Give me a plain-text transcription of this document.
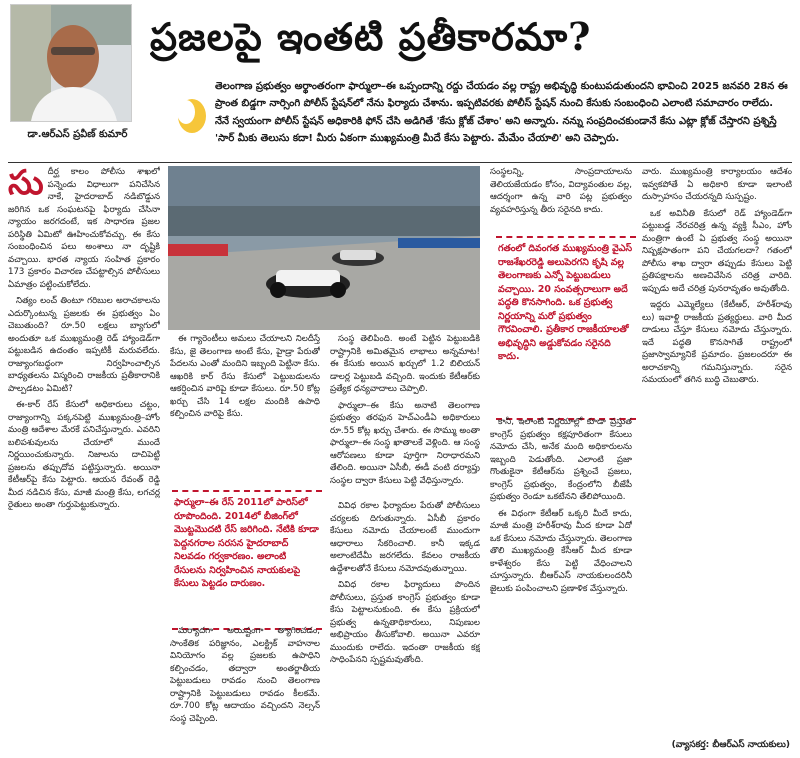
డా.ఆర్ఎస్ ప్రవీణ్ కుమార్
ప్రజలపై ఇంతటి ప్రతీకారమా?
తెలంగాణ ప్రభుత్వం అర్థాంతరంగా ఫార్ములా–ఈ ఒప్పందాన్ని రద్దు చేయడం వల్ల రాష్ట్ర అభివృద్ధి కుంటుపడుతుందని భావించి 2025 జనవరి 28న ఈ ప్రాంత బిడ్డగా నార్సింగి పోలీస్ స్టేషన్‌లో నేను ఫిర్యాదు చేశాను. ఇప్పటివరకు పోలీస్ స్టేషన్ నుంచి కేసుకు సంబంధించి ఎలాంటి సమాచారం రాలేదు. నేనే స్వయంగా పోలీస్ స్టేషన్ అధికారికి ఫోన్ చేసి అడిగితే 'కేసు క్లోజ్ చేశాం' అని అన్నారు. నన్ను సంప్రదించకుండానే కేసు ఎట్లా క్లోజ్ చేస్తారని ప్రశ్నిస్తే 'సార్ మీకు తెలుసు కదా! మీరు ఏకంగా ముఖ్యమంత్రి మీదే కేసు పెట్టారు. మేమేం చేయాలి' అని చెప్పారు.
సు దీర్ఘ కాలం పోలీసు శాఖలో పన్నెండు విధాలుగా పనిచేసిన నాకే, హైదరాబాద్ నడిబొడ్డున జరిగిన ఒక సంఘటనపై ఫిర్యాదు చేసినా న్యాయం జరగదంటే, ఇక సాధారణ ప్రజల పరిస్థితి ఏమిటో ఊహించుకోవచ్చు. ఈ కేసు సంబంధించిన పలు అంశాలు నా దృష్టికి వచ్చాయి. భారత న్యాయ సంహిత ప్రకారం 173 ప్రకారం విచారణ చేపట్టాల్సిన పోలీసులు ఏమాత్రం పట్టించుకోలేదు.

నిత్యం లంచ్ తింటూ గరిబుల అరాచకాలను ఎదుర్కొంటున్న ప్రజలకు ఈ ప్రభుత్వం ఏం చెబుతుంది? రూ.50 లక్షలు బ్యాగులో అందుతూ ఒక ముఖ్యమంత్రి రెడ్ హ్యాండెడ్‌గా పట్టుబడిన ఉదంతం ఇప్పటికీ మరువలేదు. రాజ్యాంగబద్ధంగా నిర్వహించాల్సిన బాధ్యతలను విస్మరించి రాజకీయ ప్రతీకారానికి పాల్పడటం ఏమిటి?

ఈ-కార్ రేస్ కేసులో అధికారులు చట్టం, రాజ్యాంగాన్ని పక్కనపెట్టి ముఖ్యమంత్రి–హోం మంత్రి ఆదేశాల మేరకే పనిచేస్తున్నారు. ఎవరిని బలిపశువులను చేయాలో ముందే నిర్ణయించుకున్నారు. నిజాలను దాచిపెట్టి ప్రజలను తప్పుదోవ పట్టిస్తున్నారు. అయినా కేటీఆర్‌పై కేసు పెట్టారు. ఆయన రేవంత్ రెడ్డి మీద నడిచిన కేసు, మాజీ మంత్రి కేసు, లగచర్ల రైతులు అంతా గుర్తుపెట్టుకున్నారు.

ఈ గ్యారెంటీలు అమలు చేయాలని నిలదీస్తే కేసు, జై తెలంగాణ అంటే కేసు, హైడ్రా పేరుతో పేదలను ఎంతో మందిని ఇబ్బంది పెట్టినా కేసు. ఆఖరికి కార్ రేసు కేసులో పెట్టుబడులను ఆకర్షించిన వారిపై కూడా కేసులు. రూ.50 కోట్ల ఖర్చు చేసి 14 లక్షల మందికి ఉపాధి కల్పించిన వారిపై కేసు.

ఫార్ములా–ఈ రేస్ 2011లో పారిస్‌లో రూపొందింది. 2014లో బీజింగ్‌లో మొట్టమొదటి రేస్ జరిగింది. నేటికి కూడా పెద్దనగరాల సరసన హైదరాబాద్ నిలవడం గర్వకారణం. అలాంటి రేసులను నిర్వహించిన నాయకులపై కేసులు పెట్టడం దారుణం.

మర్యాదగా అయిష్టంగా త్యాగించడం, సాంకేతిక పరిజ్ఞానం, ఎలక్ట్రిక్ వాహనాల వినియోగం వల్ల ప్రజలకు ఉపాధిని కల్పించడం, తద్వారా అంతర్జాతీయ పెట్టుబడులు రావడం నుంచి తెలంగాణ రాష్ట్రానికి పెట్టుబడులు రావడం కీలకమే. రూ.700 కోట్ల ఆదాయం వచ్చిందని నెల్సన్ సంస్థ చెప్పింది.

సంస్థ తెలిపింది. అంటే పెట్టిన పెట్టుబడికి రాష్ట్రానికి అమితమైన లాభాలు అన్నమాట! ఈ కేసుకు అయిన ఖర్చులో 1.2 బిలియన్ డాలర్ల పెట్టుబడి వచ్చింది. ఇందుకు కేటీఆర్‌కు ప్రత్యేక ధన్యవాదాలు చెప్పాలి.

ఫార్ములా–ఈ కేసు అనాటి తెలంగాణ ప్రభుత్వం తరఫున హెచ్ఎండీఏ అధికారులు రూ.55 కోట్ల ఖర్చు చేశారు. ఈ సొమ్ము అంతా ఫార్ములా–ఈ సంస్థ ఖాతాలకే వెళ్లింది. ఆ సంస్థ ఆరోపణలు కూడా పూర్తిగా నిరాధారమని తేలింది. అయినా ఏసీబీ, ఈడీ వంటి దర్యాప్తు సంస్థల ద్వారా కేసులు పెట్టి వేధిస్తున్నారు.

వివిధ రకాల ఫిర్యాదుల పేరుతో పోలీసులు చర్యలకు దిగుతున్నారు. ఏసీబీ ప్రకారం కేసులు నమోదు చేయాలంటే ముందుగా ఆధారాలు సేకరించాలి. కానీ ఇక్కడ అలాంటిదేమీ జరగలేదు. కేవలం రాజకీయ ఉద్దేశాలతోనే కేసులు నమోదవుతున్నాయి.

వివిధ రకాల ఫిర్యాదులు పొందిన పోలీసులు, ప్రస్తుత కాంగ్రెస్ ప్రభుత్వం కూడా కేసు పెట్టాలనుకుంది. ఈ కేసు ప్రక్రియలో ప్రభుత్వ ఉన్నతాధికారులు, నిపుణుల అభిప్రాయం తీసుకోవాలి. అయినా ఎవరూ ముందుకు రాలేదు. ఇదంతా రాజకీయ కక్ష సాధింపేనని స్పష్టమవుతోంది.

సంస్థలన్ని, సాంప్రదాయాలను తెలియజేయడం కోసం, విద్యావంతుల వల్ల, ఆదర్శంగా ఉన్న వారి పట్ల ప్రభుత్వం వ్యవహరిస్తున్న తీరు సరైనది కాదు.

గతంలో దివంగత ముఖ్యమంత్రి వైఎస్ రాజశేఖరరెడ్డి అలుపెరగని కృషి వల్ల తెలంగాణకు ఎన్నో పెట్టుబడులు వచ్చాయి. 20 సంవత్సరాలుగా అదే పద్ధతి కొనసాగింది. ఒక ప్రభుత్వ నిర్ణయాన్ని మరో ప్రభుత్వం గౌరవించాలి. ప్రతీకార రాజకీయాలతో అభివృద్ధిని అడ్డుకోవడం సరైనది కాదు.

కానీ, ఇలాంటి నిర్ణయాల్లో కూడా ప్రస్తుత కాంగ్రెస్ ప్రభుత్వం కక్షపూరితంగా కేసులు నమోదు చేసి, అనేక మంది అధికారులను ఇబ్బంది పెడుతోంది. ఎలాంటి ప్రజా గొంతుకైనా కేటీఆర్‌ను ప్రశ్నించే ప్రజలు, కాంగ్రెస్ ప్రభుత్వం, కేంద్రంలోని బీజేపీ ప్రభుత్వం రెండూ ఒకటేనని తేలిపోయింది.

ఈ విధంగా కేటీఆర్ ఒక్కరి మీదే కాదు, మాజీ మంత్రి హరీశ్‌రావు మీద కూడా ఏదో ఒక కేసులు నమోదు చేస్తున్నారు. తెలంగాణ తొలి ముఖ్యమంత్రి కేసీఆర్ మీద కూడా కాళేశ్వరం కేసు పెట్టి వేధించాలని చూస్తున్నారు. బీఆర్ఎస్ నాయకులందరినీ జైలుకు పంపించాలని ప్రణాళిక వేస్తున్నారు.

వారు. ముఖ్యమంత్రి కార్యాలయం ఆదేశం ఇవ్వకపోతే ఏ అధికారి కూడా ఇలాంటి దుస్సాహసం చేయరన్నది సుస్పష్టం.

ఒక అవినీతి కేసులో రెడ్ హ్యాండెడ్‌గా పట్టుబడ్డ నేరచరిత్ర ఉన్న వ్యక్తి సీఎం, హోం మంత్రిగా ఉంటే ఏ ప్రభుత్వ సంస్థ అయినా నిష్పక్షపాతంగా పని చేయగలదా? గతంలో పోలీసు శాఖ ద్వారా తప్పుడు కేసులు పెట్టి ప్రతిపక్షాలను అణచివేసిన చరిత్ర వారిది. ఇప్పుడు అదే చరిత్ర పునరావృతం అవుతోంది.

ఇద్దరు ఎమ్మెల్యేలు (కేటీఆర్, హరీశ్‌రావు లు) ఇవాళ్టి రాజకీయ ప్రత్యర్థులు. వారి మీద దాడులు చేస్తూ కేసులు నమోదు చేస్తున్నారు. ఇదే పద్ధతి కొనసాగితే రాష్ట్రంలో ప్రజాస్వామ్యానికే ప్రమాదం. ప్రజలందరూ ఈ అరాచకాన్ని గమనిస్తున్నారు. సరైన సమయంలో తగిన బుద్ధి చెబుతారు.

(వ్యాసకర్త: బీఆర్ఎస్ నాయకులు)
